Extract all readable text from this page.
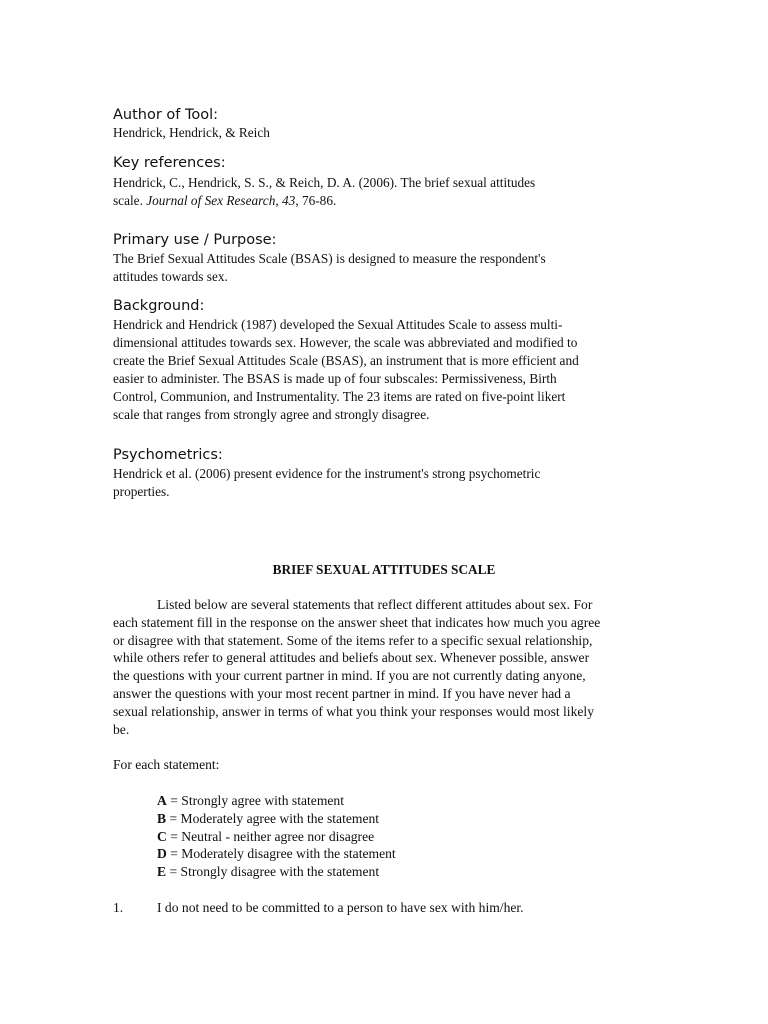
Author of Tool:

Hendrick, Hendrick, & Reich

Key references:

Hendrick, C., Hendrick, S. S., & Reich, D. A. (2006). The brief sexual attitudes
scale. Journal of Sex Research, 43, 76-86.

Primary use / Purpose:

The Brief Sexual Attitudes Scale (BSAS) is designed to measure the respondent's
attitudes towards sex.

Background:

Hendrick and Hendrick (1987) developed the Sexual Attitudes Scale to assess multi-
dimensional attitudes towards sex. However, the scale was abbreviated and modified to
create the Brief Sexual Attitudes Scale (BSAS), an instrument that is more efficient and
easier to administer. The BSAS is made up of four subscales: Permissiveness, Birth
Control, Communion, and Instrumentality. The 23 items are rated on five-point likert
scale that ranges from strongly agree and strongly disagree.

Psychometrics:

Hendrick et al. (2006) present evidence for the instrument's strong psychometric
properties.

BRIEF SEXUAL ATTITUDES SCALE

Listed below are several statements that reflect different attitudes about sex. For
each statement fill in the response on the answer sheet that indicates how much you agree
or disagree with that statement. Some of the items refer to a specific sexual relationship,
while others refer to general attitudes and beliefs about sex. Whenever possible, answer
the questions with your current partner in mind. If you are not currently dating anyone,
answer the questions with your most recent partner in mind. If you have never had a
sexual relationship, answer in terms of what you think your responses would most likely
be.

For each statement:

A = Strongly agree with statement
B = Moderately agree with the statement
C = Neutral - neither agree nor disagree
D = Moderately disagree with the statement
E = Strongly disagree with the statement
1. I do not need to be committed to a person to have sex with him/her.
